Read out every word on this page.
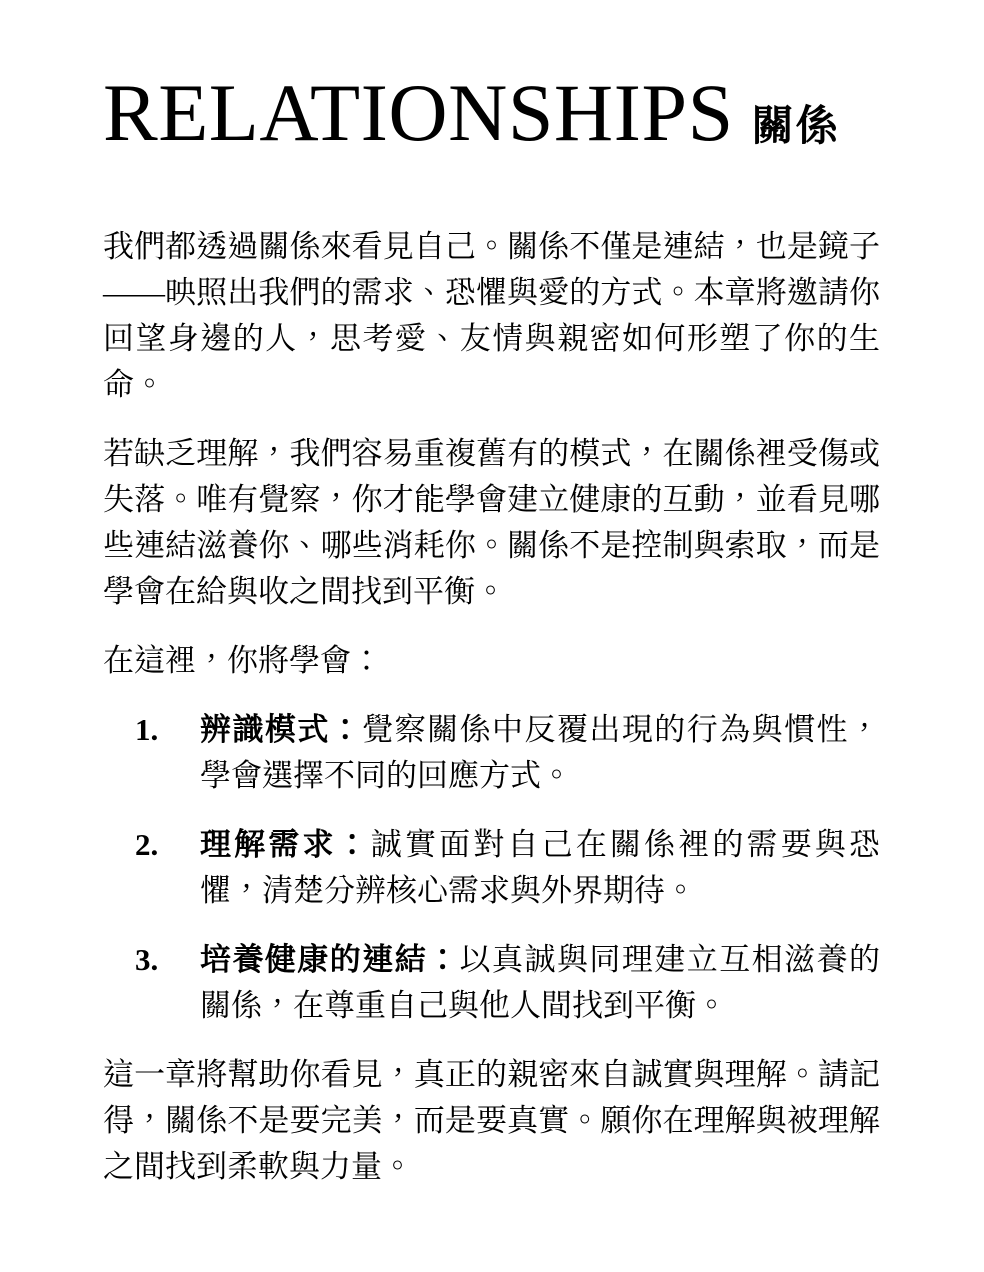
RELATIONSHIPS 關係

我們都透過關係來看見自己。關係不僅是連結，也是鏡子——映照出我們的需求、恐懼與愛的方式。本章將邀請你回望身邊的人，思考愛、友情與親密如何形塑了你的生命。

若缺乏理解，我們容易重複舊有的模式，在關係裡受傷或失落。唯有覺察，你才能學會建立健康的互動，並看見哪些連結滋養你、哪些消耗你。關係不是控制與索取，而是學會在給與收之間找到平衡。

在這裡，你將學會：

1. 辨識模式：覺察關係中反覆出現的行為與慣性，學會選擇不同的回應方式。
2. 理解需求：誠實面對自己在關係裡的需要與恐懼，清楚分辨核心需求與外界期待。
3. 培養健康的連結：以真誠與同理建立互相滋養的關係，在尊重自己與他人間找到平衡。

這一章將幫助你看見，真正的親密來自誠實與理解。請記得，關係不是要完美，而是要真實。願你在理解與被理解之間找到柔軟與力量。
